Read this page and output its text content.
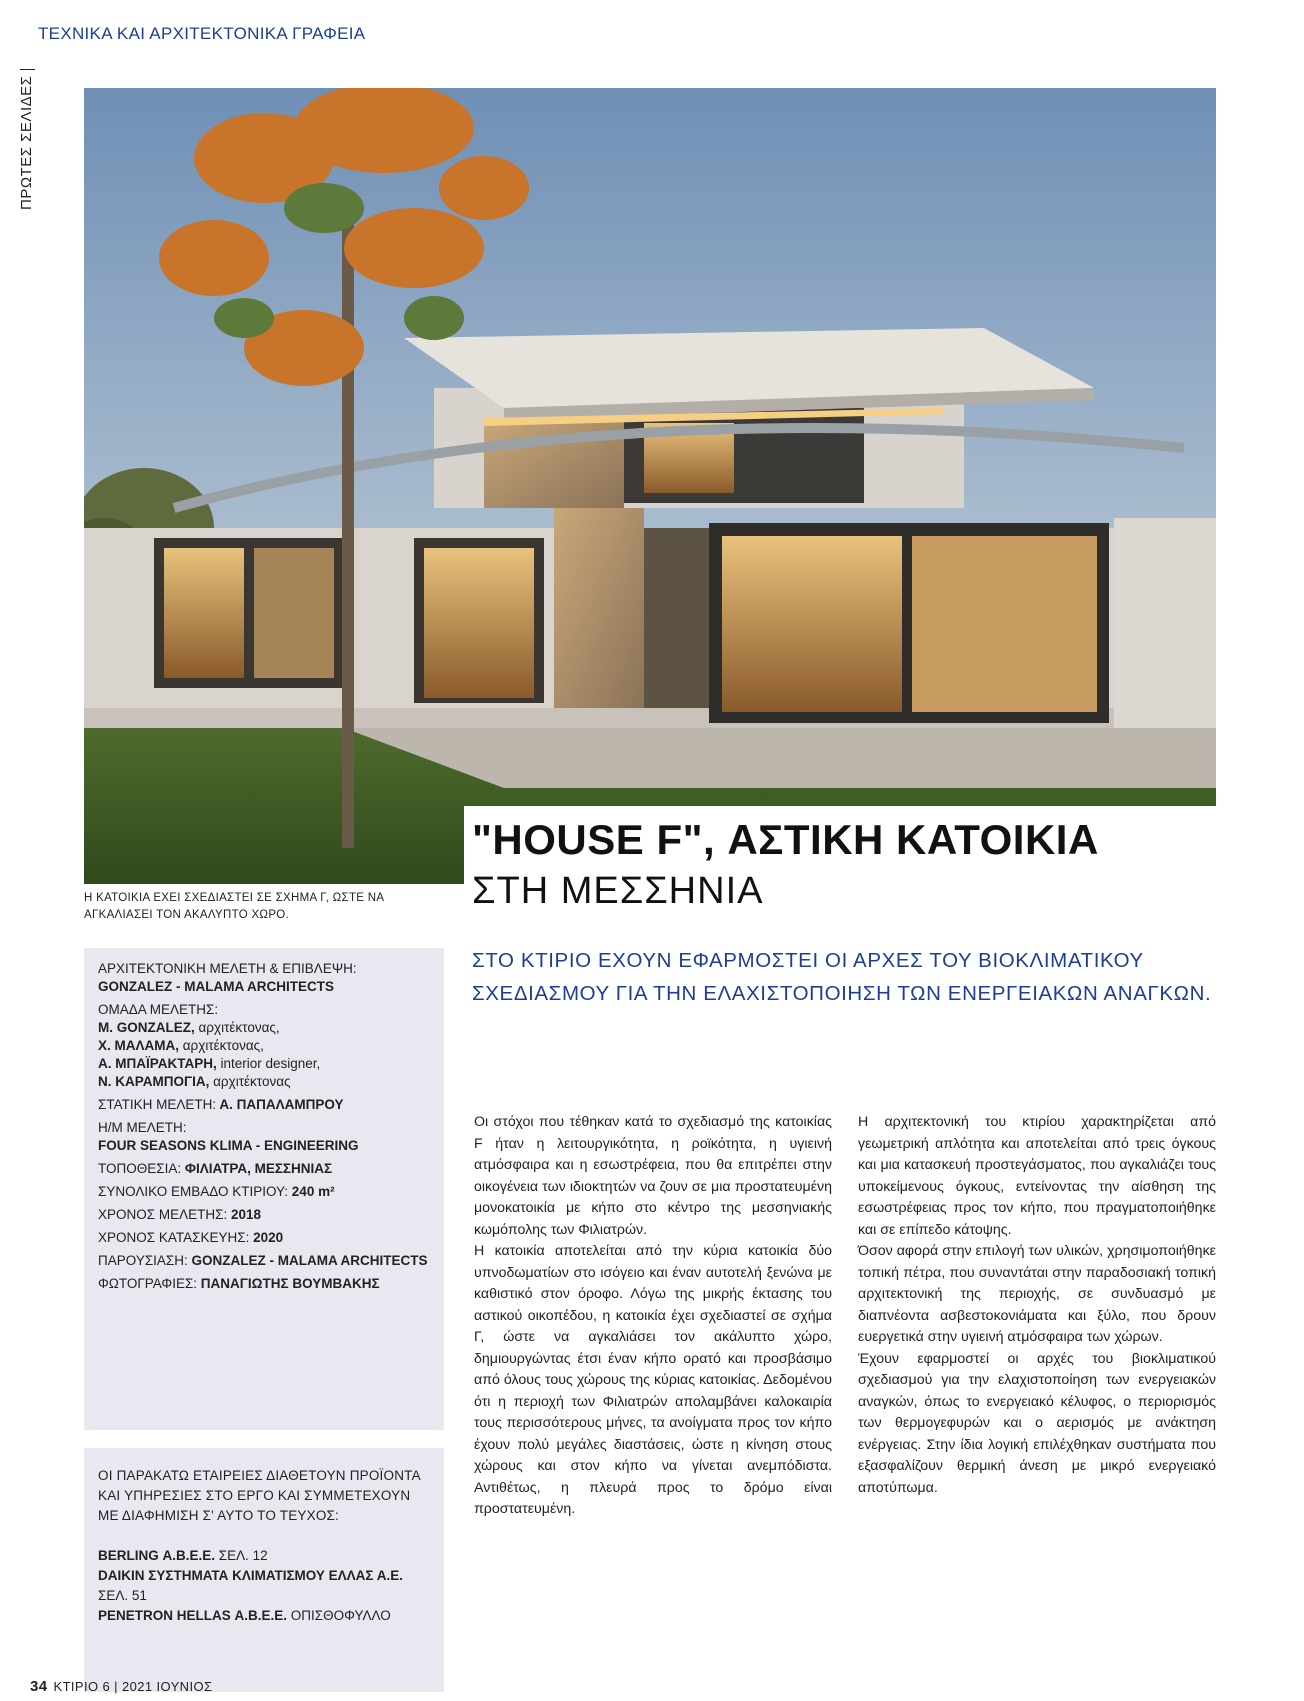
ΤΕΧΝΙΚΑ ΚΑΙ ΑΡΧΙΤΕΚΤΟΝΙΚΑ ΓΡΑΦΕΙΑ
ΠΡΩΤΕΣ ΣΕΛΙΔΕΣ
"HOUSE F", ΑΣΤΙΚΗ ΚΑΤΟΙΚΙΑ
ΣΤΗ ΜΕΣΣΗΝΙΑ
Η ΚΑΤΟΙΚΙΑ ΕΧΕΙ ΣΧΕΔΙΑΣΤΕΙ ΣΕ ΣΧΗΜΑ Γ, ΩΣΤΕ ΝΑ ΑΓΚΑΛΙΑΣΕΙ ΤΟΝ ΑΚΑΛΥΠΤΟ ΧΩΡΟ.
ΣΤΟ ΚΤΙΡΙΟ ΕΧΟΥΝ ΕΦΑΡΜΟΣΤΕΙ ΟΙ ΑΡΧΕΣ ΤΟΥ ΒΙΟΚΛΙΜΑΤΙΚΟΥ ΣΧΕΔΙΑΣΜΟΥ ΓΙΑ ΤΗΝ ΕΛΑΧΙΣΤΟΠΟΙΗΣΗ ΤΩΝ ΕΝΕΡΓΕΙΑΚΩΝ ΑΝΑΓΚΩΝ.
ΑΡΧΙΤΕΚΤΟΝΙΚΗ ΜΕΛΕΤΗ & ΕΠΙΒΛΕΨΗ:
GONZALEZ - MALAMA ARCHITECTS
ΟΜΑΔΑ ΜΕΛΕΤΗΣ:
Μ. GONZALEZ, αρχιτέκτονας,
Χ. ΜΑΛΑΜΑ, αρχιτέκτονας,
Α. ΜΠΑΪΡΑΚΤΑΡΗ, interior designer,
Ν. ΚΑΡΑΜΠΟΓΙΑ, αρχιτέκτονας
ΣΤΑΤΙΚΗ ΜΕΛΕΤΗ: Α. ΠΑΠΑΛΑΜΠΡΟΥ
Η/Μ ΜΕΛΕΤΗ:
FOUR SEASONS KLIMA - ENGINEERING
ΤΟΠΟΘΕΣΙΑ: ΦΙΛΙΑΤΡΑ, ΜΕΣΣΗΝΙΑΣ
ΣΥΝΟΛΙΚΟ ΕΜΒΑΔΟ ΚΤΙΡΙΟΥ: 240 m²
ΧΡΟΝΟΣ ΜΕΛΕΤΗΣ: 2018
ΧΡΟΝΟΣ ΚΑΤΑΣΚΕΥΗΣ: 2020
ΠΑΡΟΥΣΙΑΣΗ: GONZALEZ - MALAMA ARCHITECTS
ΦΩΤΟΓΡΑΦΙΕΣ: ΠΑΝΑΓΙΩΤΗΣ ΒΟΥΜΒΑΚΗΣ
ΟΙ ΠΑΡΑΚΑΤΩ ΕΤΑΙΡΕΙΕΣ ΔΙΑΘΕΤΟΥΝ ΠΡΟΪΟΝΤΑ ΚΑΙ ΥΠΗΡΕΣΙΕΣ ΣΤΟ ΕΡΓΟ ΚΑΙ ΣΥΜΜΕΤΕΧΟΥΝ ΜΕ ΔΙΑΦΗΜΙΣΗ Σ' ΑΥΤΟ ΤΟ ΤΕΥΧΟΣ:
BERLING Α.Β.Ε.Ε. ΣΕΛ. 12
DAIKIN ΣΥΣΤΗΜΑΤΑ ΚΛΙΜΑΤΙΣΜΟΥ ΕΛΛΑΣ Α.Ε. ΣΕΛ. 51
PENETRON HELLAS Α.Β.Ε.Ε. ΟΠΙΣΘΟΦΥΛΛΟ

Οι στόχοι που τέθηκαν κατά το σχεδιασμό της κατοικίας F ήταν η λειτουργικότητα, η ροϊκότητα, η υγιεινή ατμόσφαιρα και η εσωστρέφεια, που θα επιτρέπει στην οικογένεια των ιδιοκτητών να ζουν σε μια προστατευμένη μονοκατοικία με κήπο στο κέντρο της μεσσηνιακής κωμόπολης των Φιλιατρών.

Η κατοικία αποτελείται από την κύρια κατοικία δύο υπνοδωματίων στο ισόγειο και έναν αυτοτελή ξενώνα με καθιστικό στον όροφο. Λόγω της μικρής έκτασης του αστικού οικοπέδου, η κατοικία έχει σχεδιαστεί σε σχήμα Γ, ώστε να αγκαλιάσει τον ακάλυπτο χώρο, δημιουργώντας έτσι έναν κήπο ορατό και προσβάσιμο από όλους τους χώρους της κύριας κατοικίας. Δεδομένου ότι η περιοχή των Φιλιατρών απολαμβάνει καλοκαιρία τους περισσότερους μήνες, τα ανοίγματα προς τον κήπο έχουν πολύ μεγάλες διαστάσεις, ώστε η κίνηση στους χώρους και στον κήπο να γίνεται ανεμπόδιστα. Αντιθέτως, η πλευρά προς το δρόμο είναι προστατευμένη.

Η αρχιτεκτονική του κτιρίου χαρακτηρίζεται από γεωμετρική απλότητα και αποτελείται από τρεις όγκους και μια κατασκευή προστεγάσματος, που αγκαλιάζει τους υποκείμενους όγκους, εντείνοντας την αίσθηση της εσωστρέφειας προς τον κήπο, που πραγματοποιήθηκε και σε επίπεδο κάτοψης.

Όσον αφορά στην επιλογή των υλικών, χρησιμοποιήθηκε τοπική πέτρα, που συναντάται στην παραδοσιακή τοπική αρχιτεκτονική της περιοχής, σε συνδυασμό με διαπνέοντα ασβεστοκονιάματα και ξύλο, που δρουν ευεργετικά στην υγιεινή ατμόσφαιρα των χώρων.

Έχουν εφαρμοστεί οι αρχές του βιοκλιματικού σχεδιασμού για την ελαχιστοποίηση των ενεργειακών αναγκών, όπως το ενεργειακό κέλυφος, ο περιορισμός των θερμογεφυρών και ο αερισμός με ανάκτηση ενέργειας. Στην ίδια λογική επιλέχθηκαν συστήματα που εξασφαλίζουν θερμική άνεση με μικρό ενεργειακό αποτύπωμα.

34 ΚΤΙΡΙΟ 6 | 2021 ΙΟΥΝΙΟΣ
